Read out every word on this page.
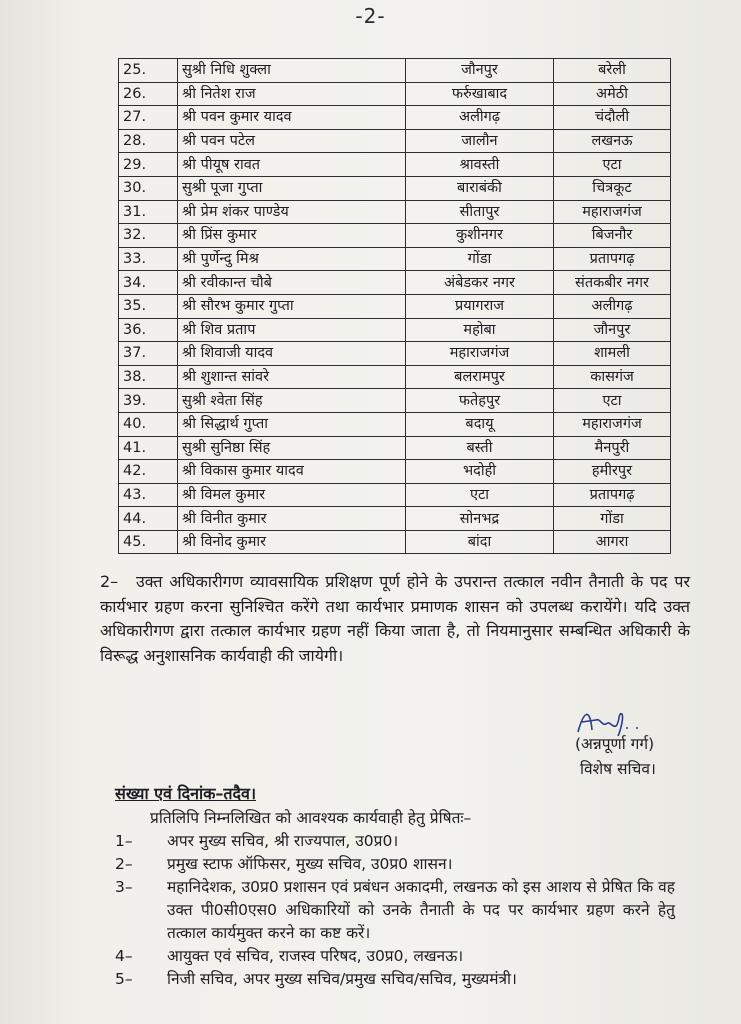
-2-
25.	सुश्री निधि शुक्ला	जौनपुर	बरेली
26.	श्री नितेश राज	फर्रुखाबाद	अमेठी
27.	श्री पवन कुमार यादव	अलीगढ़	चंदौली
28.	श्री पवन पटेल	जालौन	लखनऊ
29.	श्री पीयूष रावत	श्रावस्ती	एटा
30.	सुश्री पूजा गुप्ता	बाराबंकी	चित्रकूट
31.	श्री प्रेम शंकर पाण्डेय	सीतापुर	महाराजगंज
32.	श्री प्रिंस कुमार	कुशीनगर	बिजनौर
33.	श्री पुर्णेन्दु मिश्र	गोंडा	प्रतापगढ़
34.	श्री रवीकान्त चौबे	अंबेडकर नगर	संतकबीर नगर
35.	श्री सौरभ कुमार गुप्ता	प्रयागराज	अलीगढ़
36.	श्री शिव प्रताप	महोबा	जौनपुर
37.	श्री शिवाजी यादव	महाराजगंज	शामली
38.	श्री शुशान्त सांवरे	बलरामपुर	कासगंज
39.	सुश्री श्वेता सिंह	फतेहपुर	एटा
40.	श्री सिद्धार्थ गुप्ता	बदायू	महाराजगंज
41.	सुश्री सुनिष्ठा सिंह	बस्ती	मैनपुरी
42.	श्री विकास कुमार यादव	भदोही	हमीरपुर
43.	श्री विमल कुमार	एटा	प्रतापगढ़
44.	श्री विनीत कुमार	सोनभद्र	गोंडा
45.	श्री विनोद कुमार	बांदा	आगरा
2– उक्त अधिकारीगण व्यावसायिक प्रशिक्षण पूर्ण होने के उपरान्त तत्काल नवीन तैनाती के पद पर कार्यभार ग्रहण करना सुनिश्चित करेंगे तथा कार्यभार प्रमाणक शासन को उपलब्ध करायेंगे। यदि उक्त अधिकारीगण द्वारा तत्काल कार्यभार ग्रहण नहीं किया जाता है, तो नियमानुसार सम्बन्धित अधिकारी के विरूद्ध अनुशासनिक कार्यवाही की जायेगी।
(अन्नपूर्णा गर्ग)
विशेष सचिव।
संख्या एवं दिनांक–तदैव।
प्रतिलिपि निम्नलिखित को आवश्यक कार्यवाही हेतु प्रेषितः–
1–	अपर मुख्य सचिव, श्री राज्यपाल, उ0प्र0।
2–	प्रमुख स्टाफ ऑफिसर, मुख्य सचिव, उ0प्र0 शासन।
3–	महानिदेशक, उ0प्र0 प्रशासन एवं प्रबंधन अकादमी, लखनऊ को इस आशय से प्रेषित कि वह उक्त पी0सी0एस0 अधिकारियों को उनके तैनाती के पद पर कार्यभार ग्रहण करने हेतु तत्काल कार्यमुक्त करने का कष्ट करें।
4–	आयुक्त एवं सचिव, राजस्व परिषद, उ0प्र0, लखनऊ।
5–	निजी सचिव, अपर मुख्य सचिव/प्रमुख सचिव/सचिव, मुख्यमंत्री।
